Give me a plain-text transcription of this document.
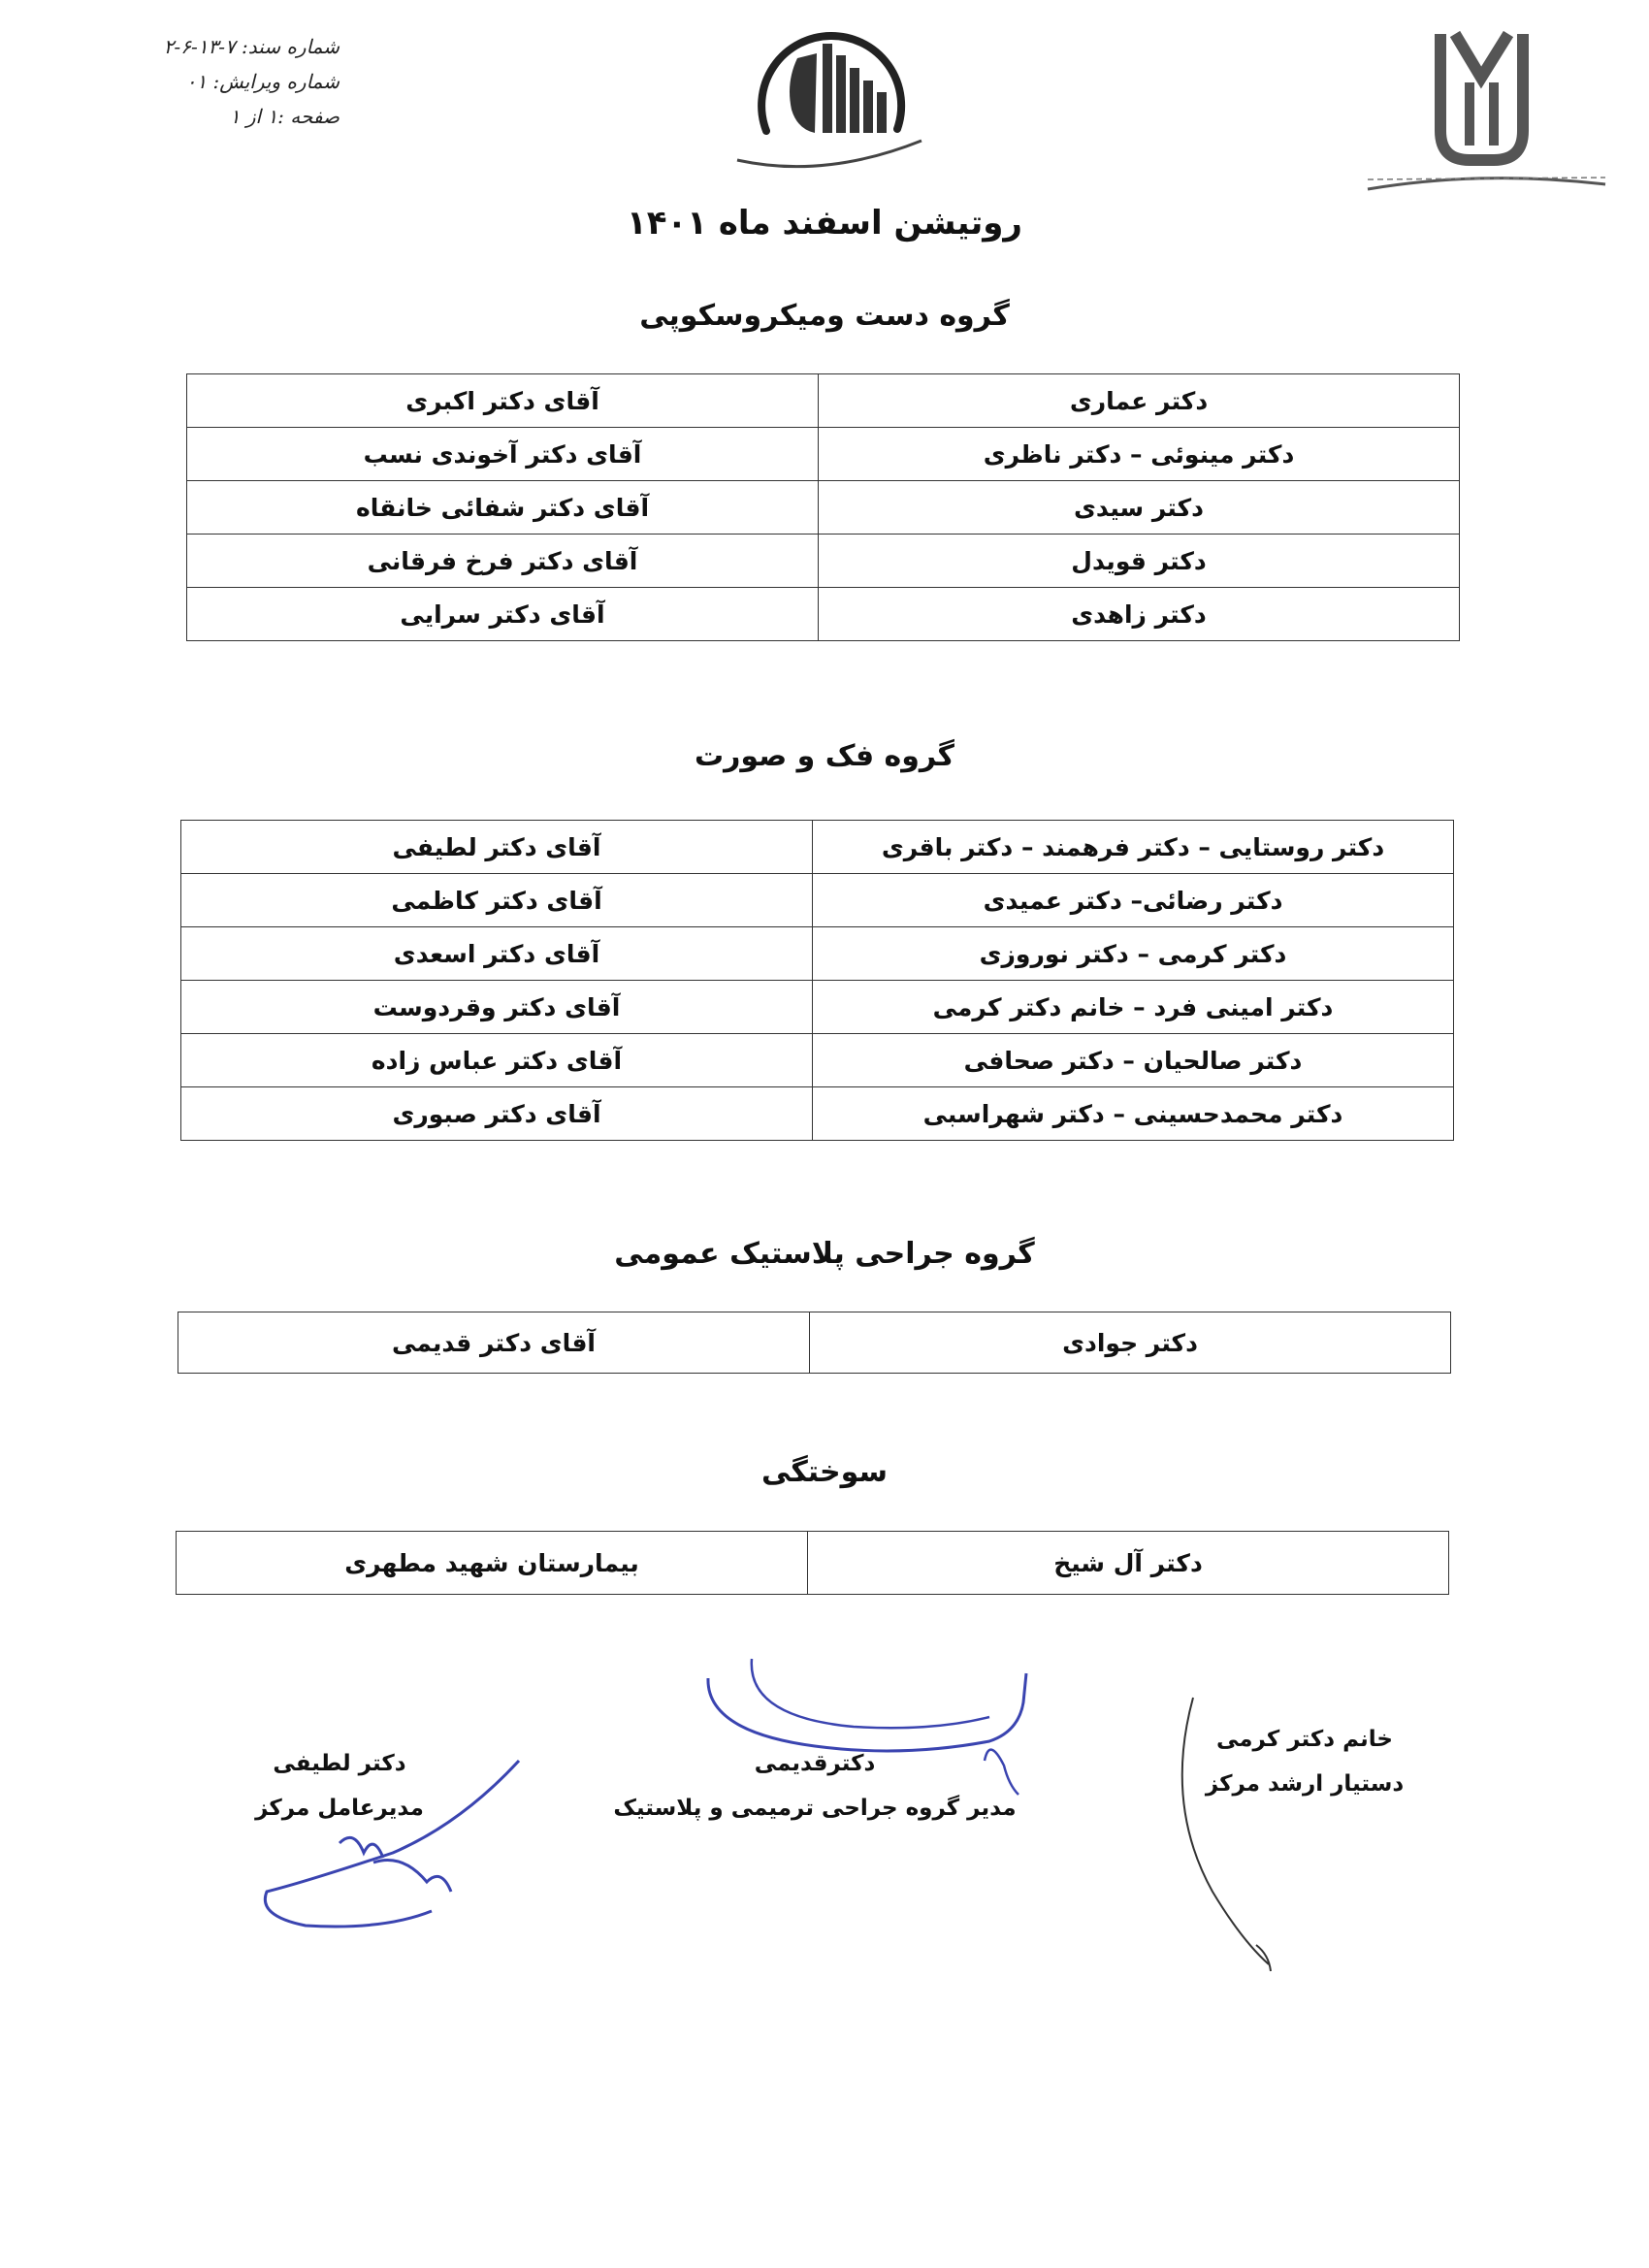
شماره سند: ۷-۱۳-۶-۲
شماره ویرایش: ۰۱
صفحه :۱ از ۱
روتیشن اسفند ماه ۱۴۰۱
گروه دست ومیکروسکوپی
دکتر عماری	آقای دکتر اکبری
دکتر مینوئی – دکتر ناظری	آقای دکتر آخوندی نسب
دکتر سیدی	آقای دکتر شفائی خانقاه
دکتر قویدل	آقای دکتر فرخ فرقانی
دکتر زاهدی	آقای دکتر سرایی
گروه فک و صورت
دکتر روستایی – دکتر فرهمند – دکتر باقری	آقای دکتر لطیفی
دکتر رضائی– دکتر عمیدی	آقای دکتر کاظمی
دکتر کرمی – دکتر نوروزی	آقای دکتر اسعدی
دکتر امینی فرد – خانم دکتر کرمی	آقای دکتر وقردوست
دکتر صالحیان – دکتر صحافی	آقای دکتر عباس زاده
دکتر محمدحسینی – دکتر شهراسبی	آقای دکتر صبوری
گروه جراحی پلاستیک عمومی
دکتر جوادی	آقای دکتر قدیمی
سوختگی
دکتر آل شیخ	بیمارستان شهید مطهری
دکتر لطیفی
مدیرعامل مرکز
دکترقدیمی
مدیر گروه جراحی ترمیمی و پلاستیک
خانم دکتر کرمی
دستیار ارشد مرکز
